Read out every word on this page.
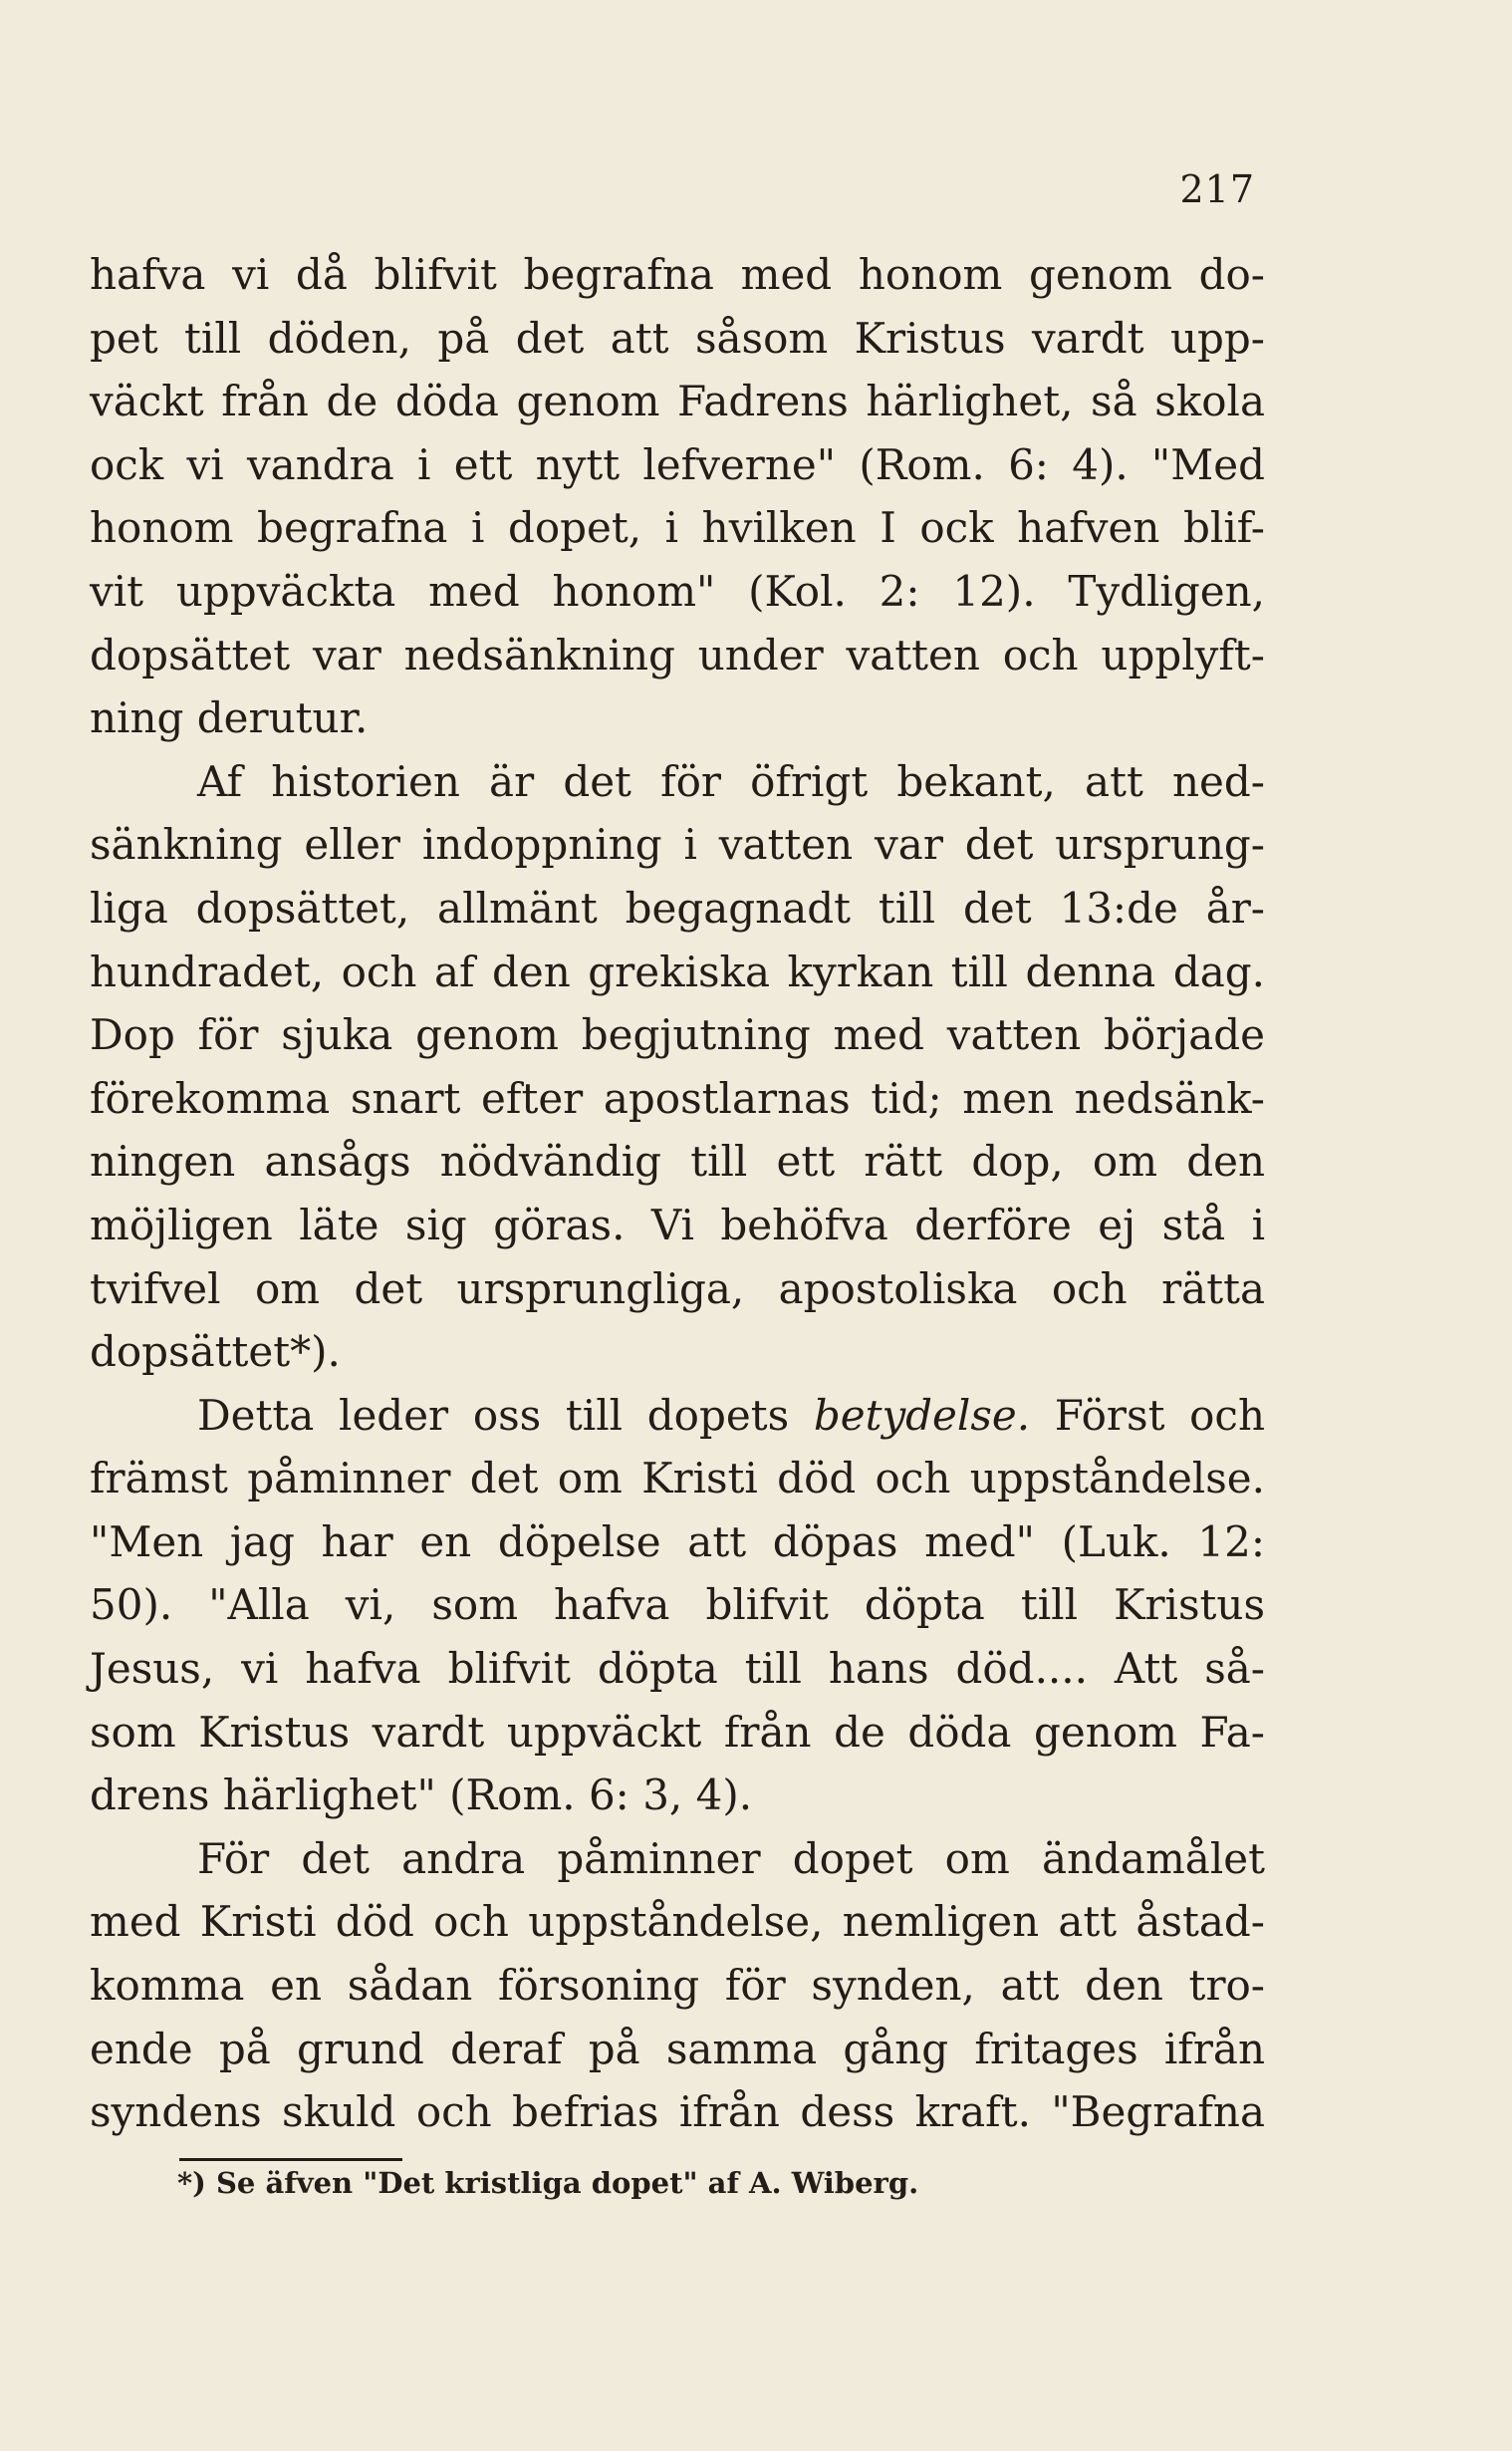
217
hafva vi då blifvit begrafna med honom genom do-
pet till döden, på det att såsom Kristus vardt upp-
väckt från de döda genom Fadrens härlighet, så skola
ock vi vandra i ett nytt lefverne" (Rom. 6: 4). "Med
honom begrafna i dopet, i hvilken I ock hafven blif-
vit uppväckta med honom" (Kol. 2: 12). Tydligen,
dopsättet var nedsänkning under vatten och upplyft-
ning derutur.
Af historien är det för öfrigt bekant, att ned-
sänkning eller indoppning i vatten var det ursprung-
liga dopsättet, allmänt begagnadt till det 13:de år-
hundradet, och af den grekiska kyrkan till denna dag.
Dop för sjuka genom begjutning med vatten började
förekomma snart efter apostlarnas tid; men nedsänk-
ningen ansågs nödvändig till ett rätt dop, om den
möjligen läte sig göras. Vi behöfva derföre ej stå i
tvifvel om det ursprungliga, apostoliska och rätta
dopsättet*).
Detta leder oss till dopets betydelse. Först och
främst påminner det om Kristi död och uppståndelse.
"Men jag har en döpelse att döpas med" (Luk. 12:
50). "Alla vi, som hafva blifvit döpta till Kristus
Jesus, vi hafva blifvit döpta till hans död.... Att så-
som Kristus vardt uppväckt från de döda genom Fa-
drens härlighet" (Rom. 6: 3, 4).
För det andra påminner dopet om ändamålet
med Kristi död och uppståndelse, nemligen att åstad-
komma en sådan försoning för synden, att den tro-
ende på grund deraf på samma gång fritages ifrån
syndens skuld och befrias ifrån dess kraft. "Begrafna
*) Se äfven "Det kristliga dopet" af A. Wiberg.
